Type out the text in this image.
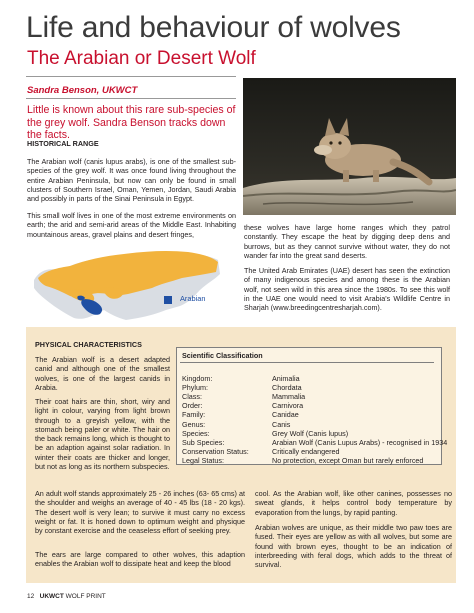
Life and behaviour of wolves
The Arabian or Desert Wolf
Sandra Benson, UKWCT
Little is known about this rare sub-species of the grey wolf. Sandra Benson tracks down the facts.
HISTORICAL RANGE
The Arabian wolf (canis lupus arabs), is one of the smallest sub-species of the grey wolf. It was once found living throughout the entire Arabian Peninsula, but now can only be found in small clusters of Southern Israel, Oman, Yemen, Jordan, Saudi Arabia and possibly in parts of the Sinai Peninsula in Egypt.
This small wolf lives in one of the most extreme environments on earth; the arid and semi-arid areas of the Middle East. Inhabiting mountainous areas, gravel plains and desert fringes,
Arabian
these wolves have large home ranges which they patrol constantly. They escape the heat by digging deep dens and burrows, but as they cannot survive without water, they do not wander far into the great sand deserts.
The United Arab Emirates (UAE) desert has seen the extinction of many indigenous species and among these is the Arabian wolf, not seen wild in this area since the 1980s. To see this wolf in the UAE one would need to visit Arabia's Wildlife Centre in Sharjah (www.breedingcentresharjah.com).
PHYSICAL CHARACTERISTICS
The Arabian wolf is a desert adapted canid and although one of the smallest wolves, is one of the largest canids in Arabia.
Their coat hairs are thin, short, wiry and light in colour, varying from light brown through to a greyish yellow, with the stomach being paler or white. The hair on the back remains long, which is thought to be an adaption against solar radiation. In winter their coats are thicker and longer, but not as long as its northern subspecies.
Scientific Classification
Kingdom:	Animalia
Phylum:	Chordata
Class:	Mammalia
Order:	Carnivora
Family:	Canidae
Genus:	Canis
Species:	Grey Wolf (Canis lupus)
Sub Species:	Arabian Wolf (Canis Lupus Arabs) - recognised in 1934
Conservation Status:	Critically endangered
Legal Status:	No protection, except Oman but rarely enforced
An adult wolf stands approximately 25 - 26 inches (63- 65 cms) at the shoulder and weighs an average of 40 - 45 lbs (18 - 20 kgs). The desert wolf is very lean; to survive it must carry no excess weight or fat. It is honed down to optimum weight and physique by constant exercise and the ceaseless effort of seeking prey.
The ears are large compared to other wolves, this adaption enables the Arabian wolf to dissipate heat and keep the blood
cool. As the Arabian wolf, like other canines, possesses no sweat glands, it helps control body temperature by evaporation from the lungs, by rapid panting.
Arabian wolves are unique, as their middle two paw toes are fused. Their eyes are yellow as with all wolves, but some are found with brown eyes, thought to be an indication of interbreeding with feral dogs, which adds to the threat of survival.
12 UKWCT WOLF PRINT
